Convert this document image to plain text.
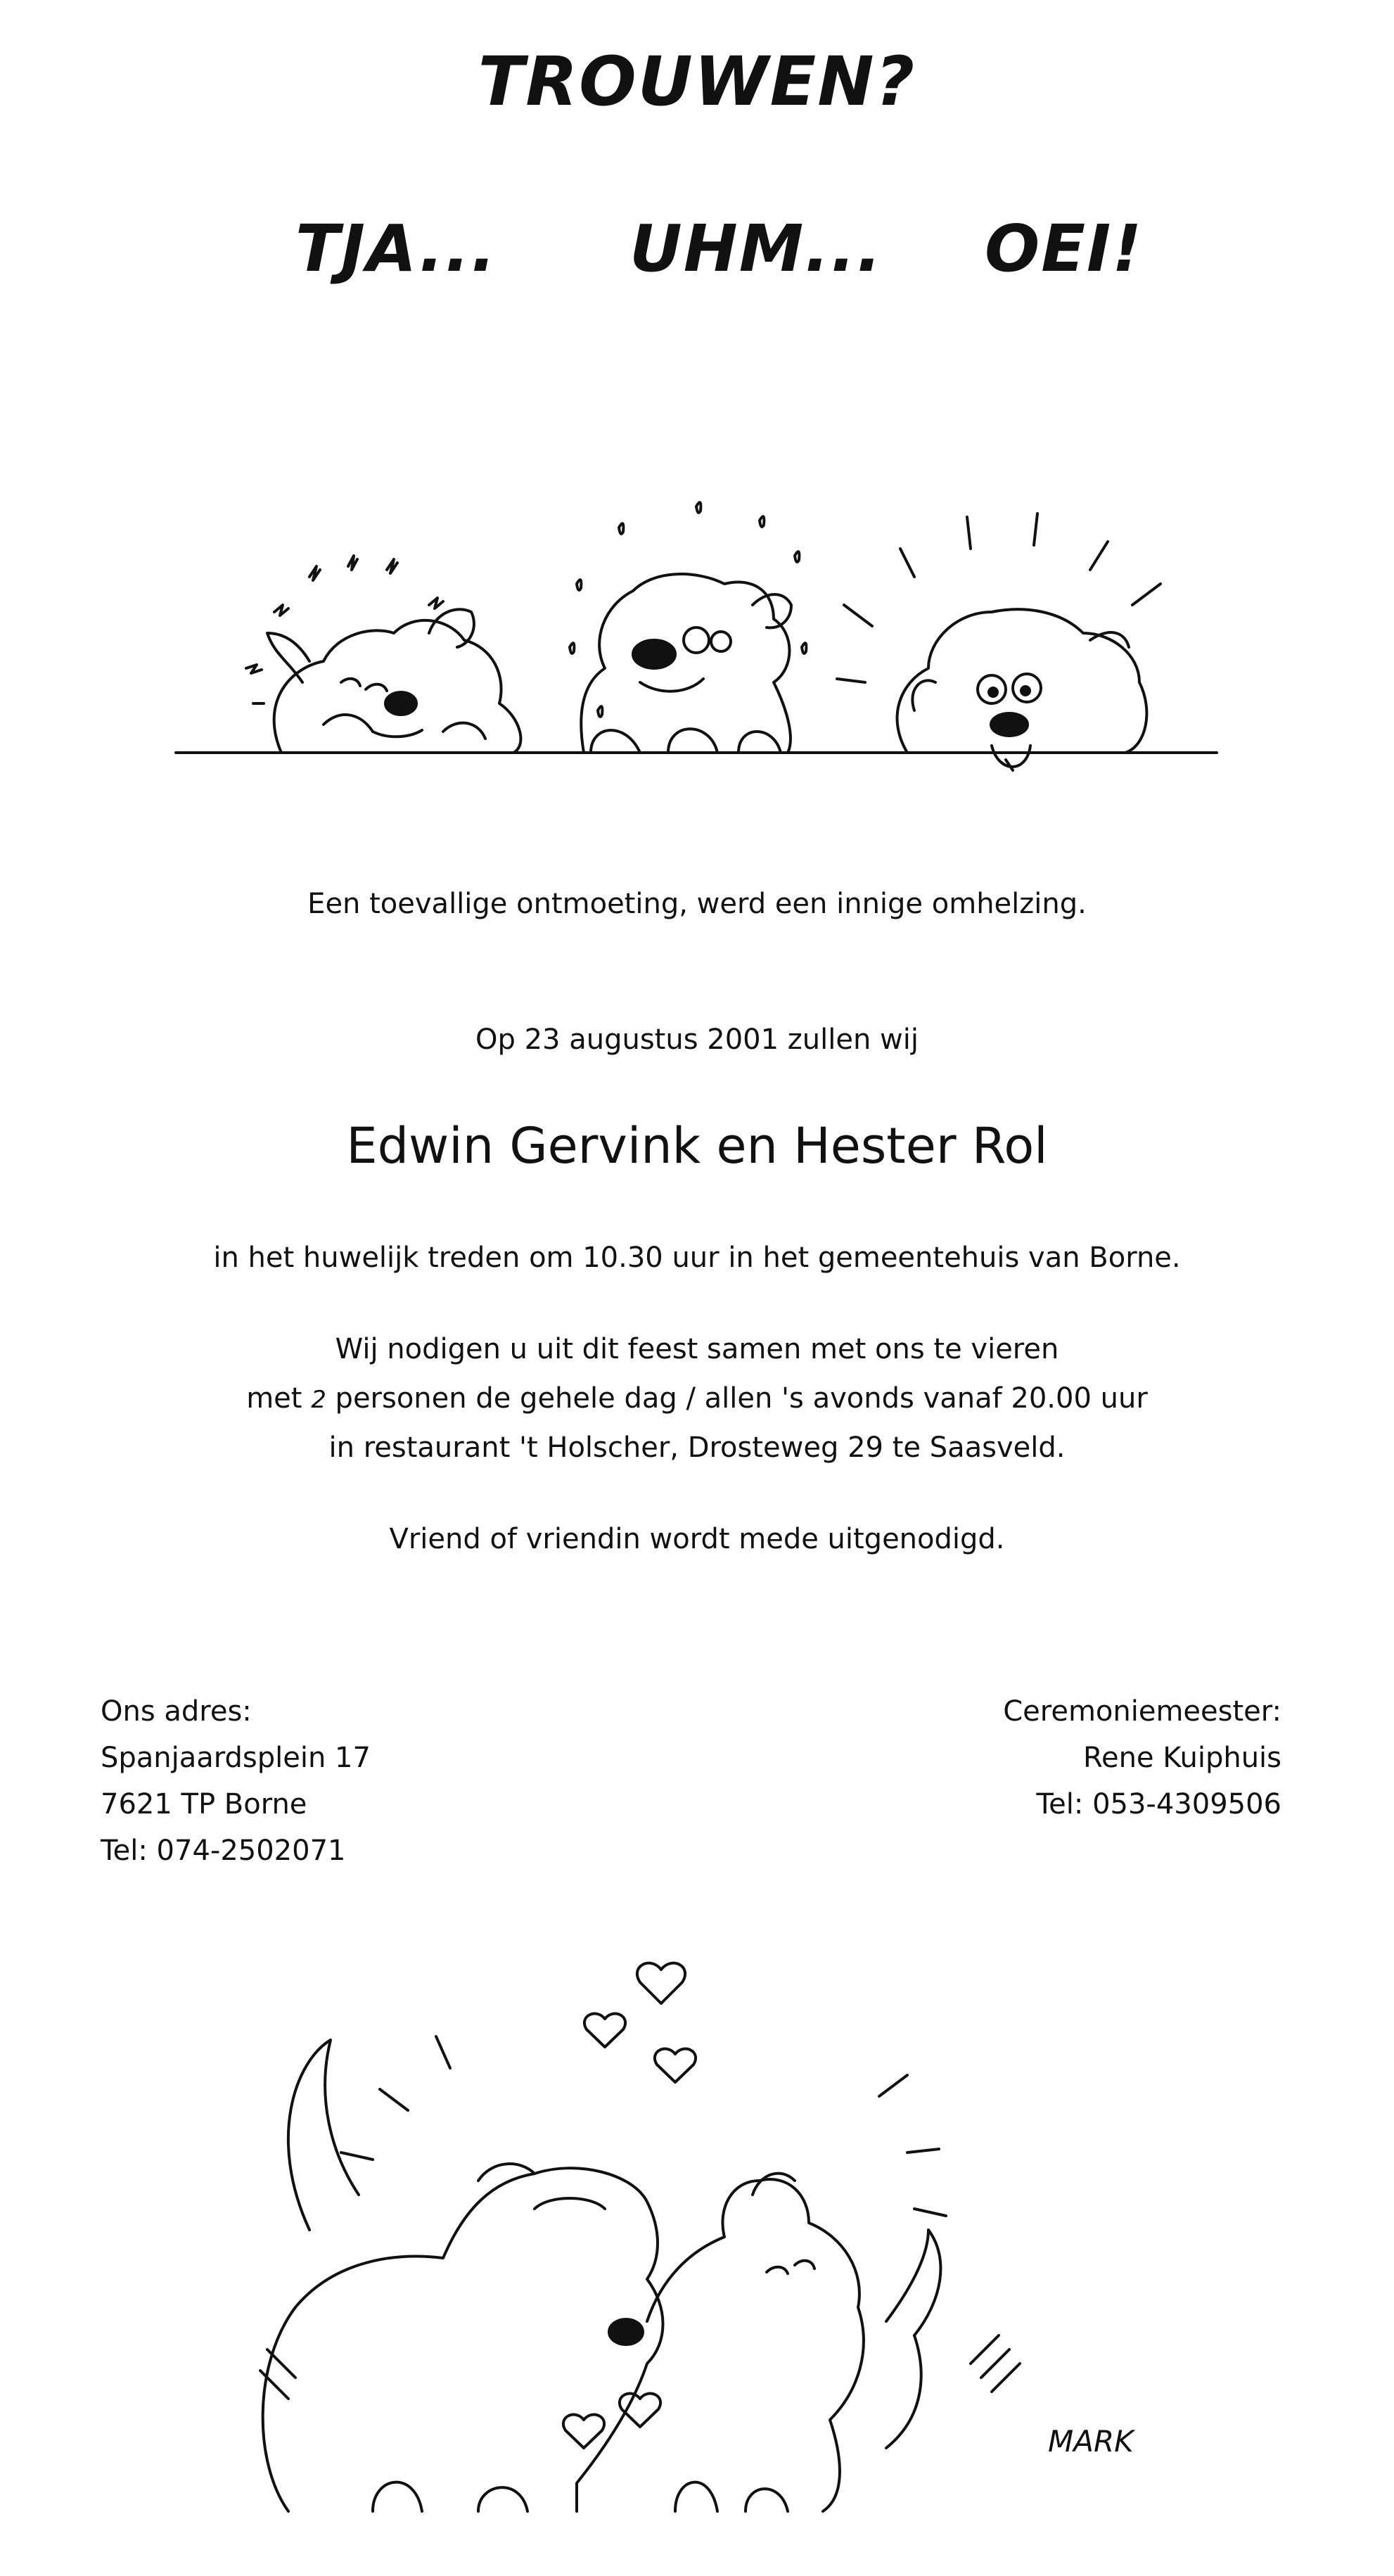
TROUWEN?
TJA... UHM... OEI!
Een toevallige ontmoeting, werd een innige omhelzing.
Op 23 augustus 2001 zullen wij
Edwin Gervink en Hester Rol
in het huwelijk treden om 10.30 uur in het gemeentehuis van Borne.
Wij nodigen u uit dit feest samen met ons te vieren
met 2 personen de gehele dag / allen 's avonds vanaf 20.00 uur
in restaurant 't Holscher, Drosteweg 29 te Saasveld.
Vriend of vriendin wordt mede uitgenodigd.
Ons adres:
Spanjaardsplein 17
7621 TP Borne
Tel: 074-2502071
Ceremoniemeester:
Rene Kuiphuis
Tel: 053-4309506
MARK
